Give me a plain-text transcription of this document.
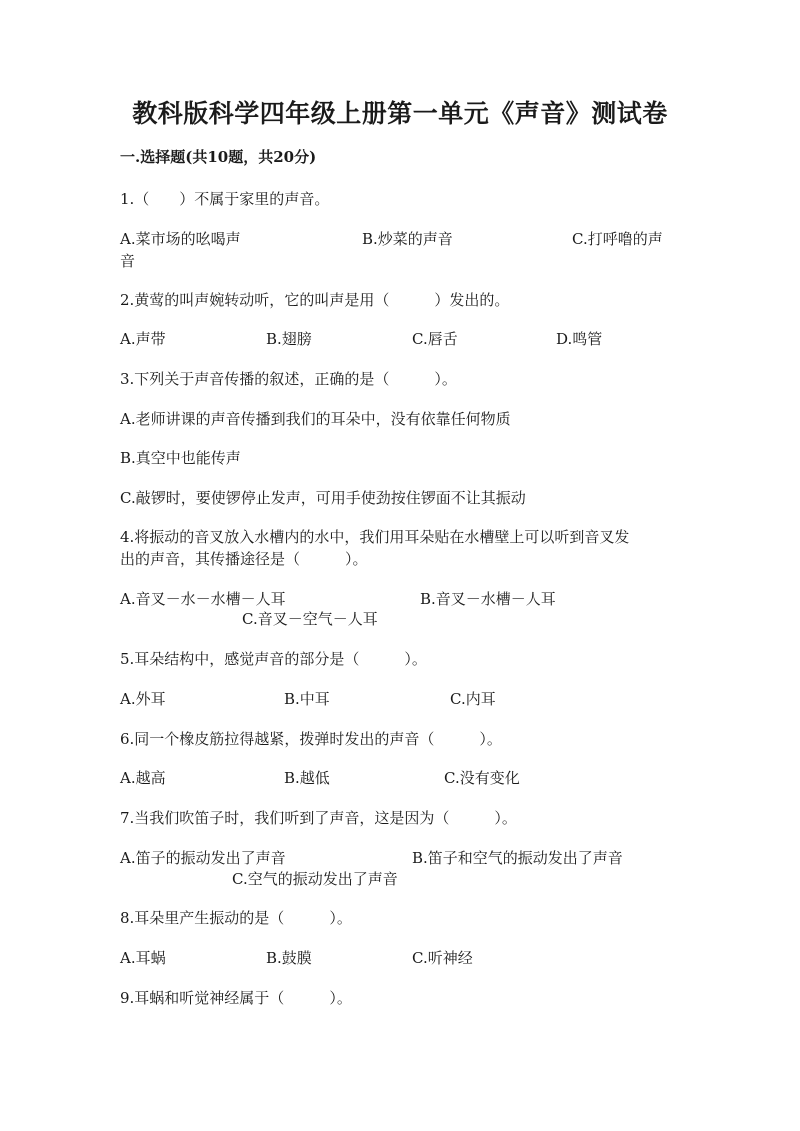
教科版科学四年级上册第一单元《声音》测试卷
一.选择题(共10题，共20分)
1.（　　）不属于家里的声音。
A.菜市场的吆喝声	B.炒菜的声音	C.打呼噜的声
音
2.黄莺的叫声婉转动听，它的叫声是用（　　　）发出的。
A.声带	B.翅膀	C.唇舌	D.鸣管
3.下列关于声音传播的叙述，正确的是（　　　）。
A.老师讲课的声音传播到我们的耳朵中，没有依靠任何物质
B.真空中也能传声
C.敲锣时，要使锣停止发声，可用手使劲按住锣面不让其振动
4.将振动的音叉放入水槽内的水中，我们用耳朵贴在水槽壁上可以听到音叉发
出的声音，其传播途径是（　　　）。
A.音叉－水－水槽－人耳	B.音叉－水槽－人耳
C.音叉－空气－人耳
5.耳朵结构中，感觉声音的部分是（　　　）。
A.外耳	B.中耳	C.内耳
6.同一个橡皮筋拉得越紧，拨弹时发出的声音（　　　）。
A.越高	B.越低	C.没有变化
7.当我们吹笛子时，我们听到了声音，这是因为（　　　）。
A.笛子的振动发出了声音	B.笛子和空气的振动发出了声音
C.空气的振动发出了声音
8.耳朵里产生振动的是（　　　）。
A.耳蜗	B.鼓膜	C.听神经
9.耳蜗和听觉神经属于（　　　）。
